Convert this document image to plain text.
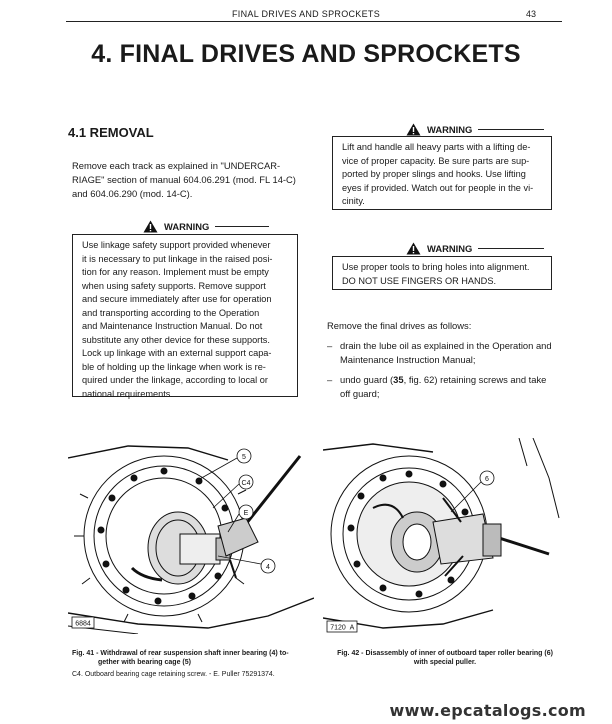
FINAL DRIVES AND SPROCKETS	43
4. FINAL DRIVES AND SPROCKETS
4.1 REMOVAL
Remove each track as explained in "UNDERCAR-
RIAGE" section of manual 604.06.291 (mod. FL 14-C)
and 604.06.290 (mod. 14-C).
WARNING
Use linkage safety support provided whenever
it is necessary to put linkage in the raised posi-
tion for any reason. Implement must be empty
when using safety supports. Remove support
and secure immediately after use for operation
and transporting according to the Operation
and Maintenance Instruction Manual. Do not
substitute any other device for these supports.
Lock up linkage with an external support capa-
ble of holding up the linkage when work is re-
quired under the linkage, according to local or
national requirements.
WARNING
Lift and handle all heavy parts with a lifting de-
vice of proper capacity. Be sure parts are sup-
ported by proper slings and hooks. Use lifting
eyes if provided. Watch out for people in the vi-
cinity.
WARNING
Use proper tools to bring holes into alignment.
DO NOT USE FINGERS OR HANDS.
Remove the final drives as follows:
– drain the lube oil as explained in the Operation and Maintenance Instruction Manual;
– undo guard (35, fig. 62) retaining screws and take off guard;
5
C4
E
4
6884
Fig. 41 - Withdrawal of rear suspension shaft inner bearing (4) to-
gether with bearing cage (5)
C4. Outboard bearing cage retaining screw. - E. Puller 75291374.
6
7120 A
Fig. 42 - Disassembly of inner of outboard taper roller bearing (6)
with special puller.
www.epcatalogs.com
